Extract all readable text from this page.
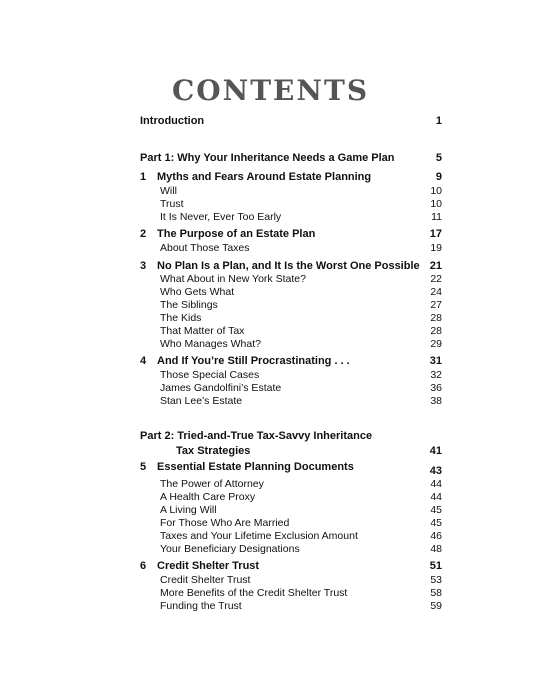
CONTENTS
Introduction	1
Part 1: Why Your Inheritance Needs a Game Plan	5
1 Myths and Fears Around Estate Planning	9
Will	10
Trust	10
It Is Never, Ever Too Early	11
2 The Purpose of an Estate Plan	17
About Those Taxes	19
3 No Plan Is a Plan, and It Is the Worst One Possible 21
What About in New York State?	22
Who Gets What	24
The Siblings	27
The Kids	28
That Matter of Tax	28
Who Manages What?	29
4 And If You’re Still Procrastinating . . .	31
Those Special Cases	32
James Gandolfini’s Estate	36
Stan Lee’s Estate	38
Part 2: Tried-and-True Tax-Savvy Inheritance
Tax Strategies	41
5 Essential Estate Planning Documents	43
The Power of Attorney	44
A Health Care Proxy	44
A Living Will	45
For Those Who Are Married	45
Taxes and Your Lifetime Exclusion Amount	46
Your Beneficiary Designations	48
6 Credit Shelter Trust	51
Credit Shelter Trust	53
More Benefits of the Credit Shelter Trust	58
Funding the Trust	59
